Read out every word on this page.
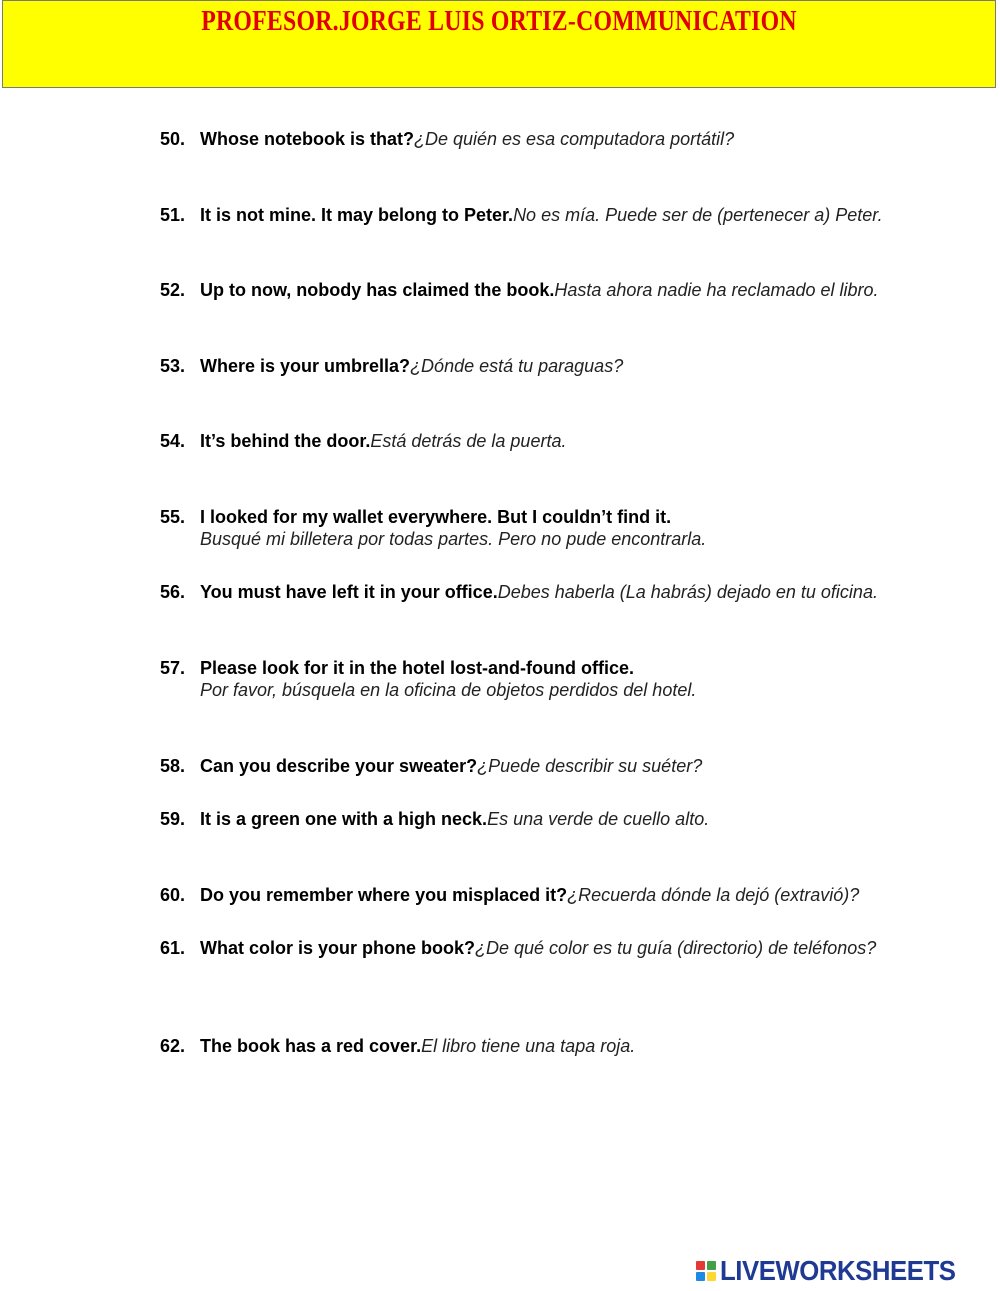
PROFESOR.JORGE LUIS ORTIZ-COMMUNICATION
50. Whose notebook is that?¿De quién es esa computadora portátil?
51. It is not mine. It may belong to Peter.No es mía. Puede ser de (pertenecer a) Peter.
52. Up to now, nobody has claimed the book.Hasta ahora nadie ha reclamado el libro.
53. Where is your umbrella?¿Dónde está tu paraguas?
54. It’s behind the door.Está detrás de la puerta.
55. I looked for my wallet everywhere. But I couldn’t find it.
Busqué mi billetera por todas partes. Pero no pude encontrarla.
56. You must have left it in your office.Debes haberla (La habrás) dejado en tu oficina.
57. Please look for it in the hotel lost-and-found office.
Por favor, búsquela en la oficina de objetos perdidos del hotel.
58. Can you describe your sweater?¿Puede describir su suéter?
59. It is a green one with a high neck.Es una verde de cuello alto.
60. Do you remember where you misplaced it?¿Recuerda dónde la dejó (extravió)?
61. What color is your phone book?¿De qué color es tu guía (directorio) de teléfonos?
62. The book has a red cover.El libro tiene una tapa roja.
LIVEWORKSHEETS
